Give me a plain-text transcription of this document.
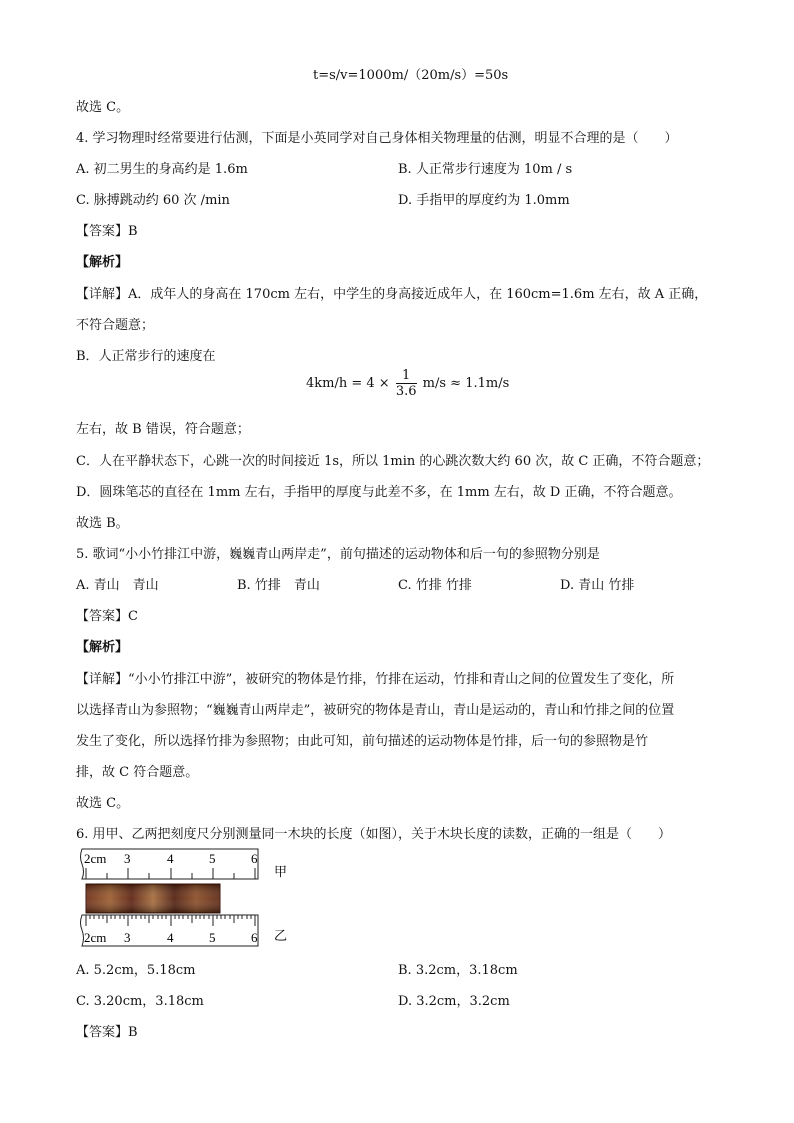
t=s/v=1000m/（20m/s）=50s
故选 C。
4. 学习物理时经常要进行估测，下面是小英同学对自己身体相关物理量的估测，明显不合理的是（　　）
A. 初二男生的身高约是 1.6m	B. 人正常步行速度为 10m / s
C. 脉搏跳动约 60 次 /min	D. 手指甲的厚度约为 1.0mm
【答案】B
【解析】
【详解】A．成年人的身高在 170cm 左右，中学生的身高接近成年人，在 160cm=1.6m 左右，故 A 正确，
不符合题意；
B．人正常步行的速度在
$4km/h = 4 \times \frac{1}{3.6} m/s \approx 1.1m/s$
左右，故 B 错误，符合题意；
C．人在平静状态下，心跳一次的时间接近 1s，所以 1min 的心跳次数大约 60 次，故 C 正确，不符合题意；
D．圆珠笔芯的直径在 1mm 左右，手指甲的厚度与此差不多，在 1mm 左右，故 D 正确，不符合题意。
故选 B。
5. 歌词“小小竹排江中游，巍巍青山两岸走”，前句描述的运动物体和后一句的参照物分别是
A. 青山　青山	B. 竹排　青山	C. 竹排 竹排	D. 青山 竹排
【答案】C
【解析】
【详解】“小小竹排江中游”，被研究的物体是竹排，竹排在运动，竹排和青山之间的位置发生了变化，所
以选择青山为参照物；“巍巍青山两岸走”，被研究的物体是青山，青山是运动的，青山和竹排之间的位置
发生了变化，所以选择竹排为参照物；由此可知，前句描述的运动物体是竹排，后一句的参照物是竹
排，故 C 符合题意。
故选 C。
6. 用甲、乙两把刻度尺分别测量同一木块的长度（如图），关于木块长度的读数，正确的一组是（　　）
2cm 3	4	5	6
甲
2cm 3	4	5	6 乙
A. 5.2cm，5.18cm	B. 3.2cm，3.18cm
C. 3.20cm，3.18cm	D. 3.2cm，3.2cm
【答案】B
